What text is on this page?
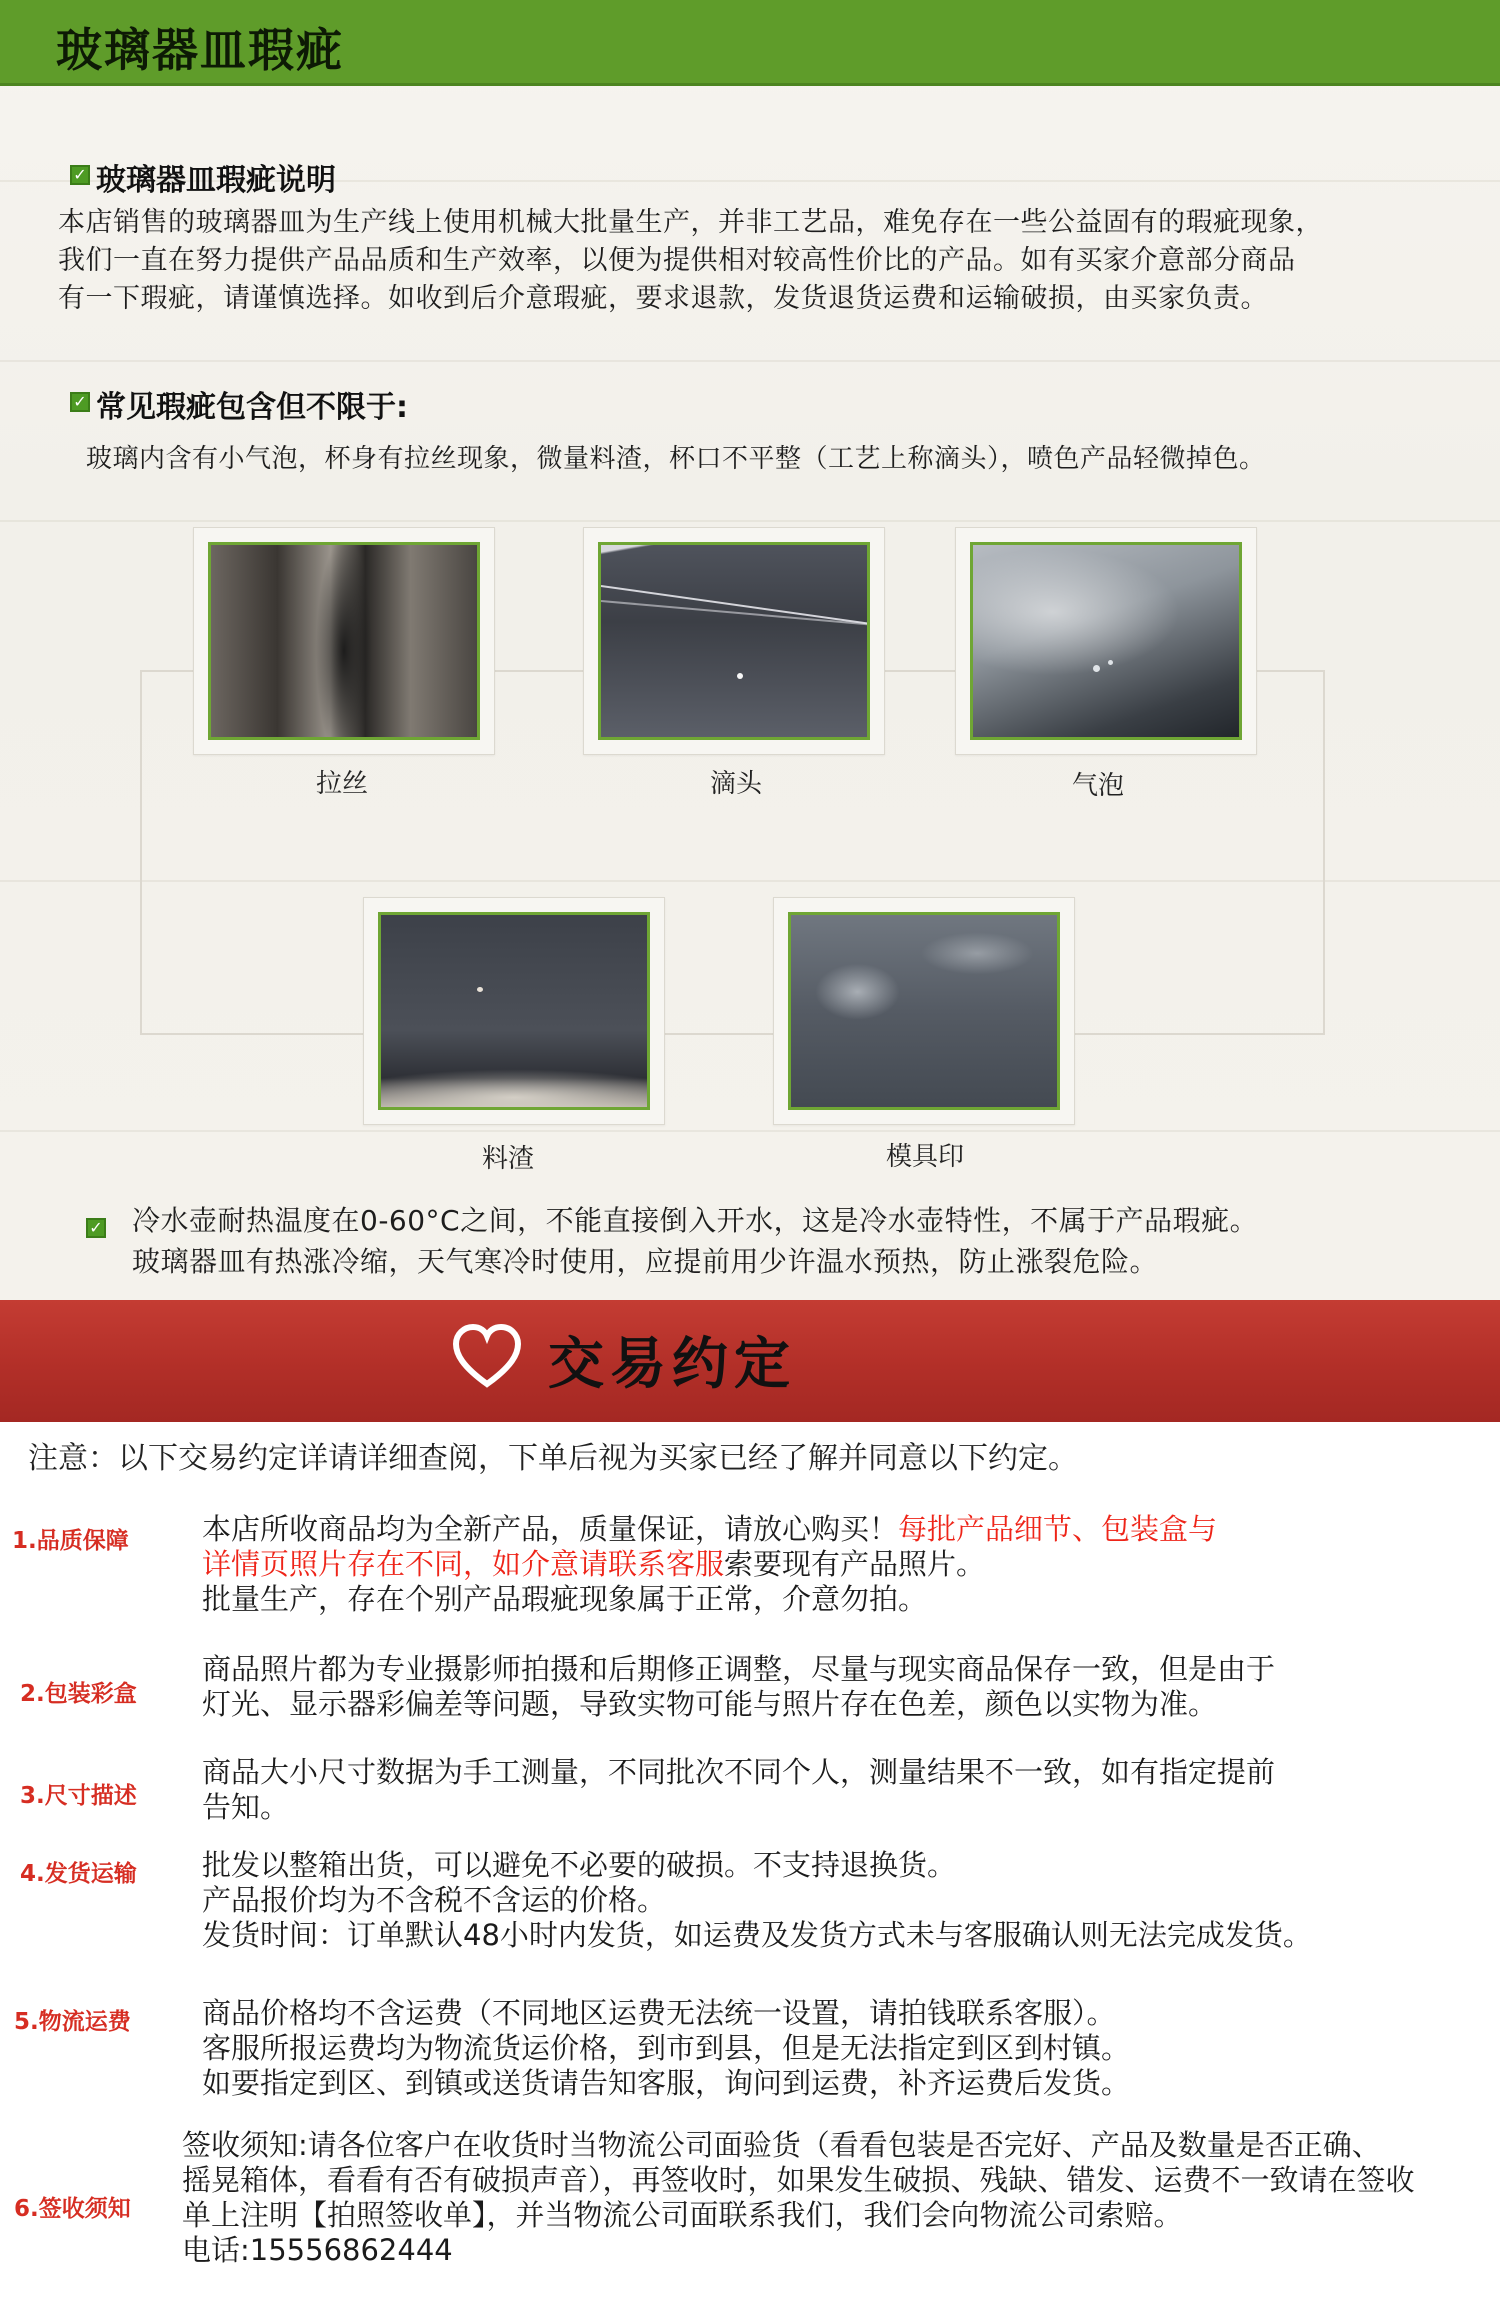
玻璃器皿瑕疵
✓ 玻璃器皿瑕疵说明

本店销售的玻璃器皿为生产线上使用机械大批量生产，并非工艺品，难免存在一些公益固有的瑕疵现象，

我们一直在努力提供产品品质和生产效率，以便为提供相对较高性价比的产品。如有买家介意部分商品

有一下瑕疵，请谨慎选择。如收到后介意瑕疵，要求退款，发货退货运费和运输破损，由买家负责。

✓ 常见瑕疵包含但不限于:

玻璃内含有小气泡，杯身有拉丝现象，微量料渣，杯口不平整（工艺上称滴头），喷色产品轻微掉色。

拉丝	滴头	气泡
料渣	模具印
✓ 冷水壶耐热温度在0-60°C之间，不能直接倒入开水，这是冷水壶特性，不属于产品瑕疵。

玻璃器皿有热涨冷缩，天气寒冷时使用，应提前用少许温水预热，防止涨裂危险。

交易约定
注意：以下交易约定详请详细查阅，下单后视为买家已经了解并同意以下约定。
1.品质保障	本店所收商品均为全新产品，质量保证，请放心购买！每批产品细节、包装盒与

详情页照片存在不同，如介意请联系客服索要现有产品照片。

批量生产，存在个别产品瑕疵现象属于正常，介意勿拍。

2.包装彩盒

商品照片都为专业摄影师拍摄和后期修正调整，尽量与现实商品保存一致，但是由于

灯光、显示器彩偏差等问题，导致实物可能与照片存在色差，颜色以实物为准。

3.尺寸描述

商品大小尺寸数据为手工测量，不同批次不同个人，测量结果不一致，如有指定提前

告知。

4.发货运输 批发以整箱出货，可以避免不必要的破损。不支持退换货。

产品报价均为不含税不含运的价格。

发货时间：订单默认48小时内发货，如运费及发货方式未与客服确认则无法完成发货。

5.物流运费 商品价格均不含运费（不同地区运费无法统一设置，请拍钱联系客服）。

客服所报运费均为物流货运价格，到市到县，但是无法指定到区到村镇。

如要指定到区、到镇或送货请告知客服，询问到运费，补齐运费后发货。

6.签收须知

签收须知:请各位客户在收货时当物流公司面验货（看看包装是否完好、产品及数量是否正确、

摇晃箱体，看看有否有破损声音），再签收时，如果发生破损、残缺、错发、运费不一致请在签收

单上注明【拍照签收单】，并当物流公司面联系我们，我们会向物流公司索赔。

电话:15556862444
